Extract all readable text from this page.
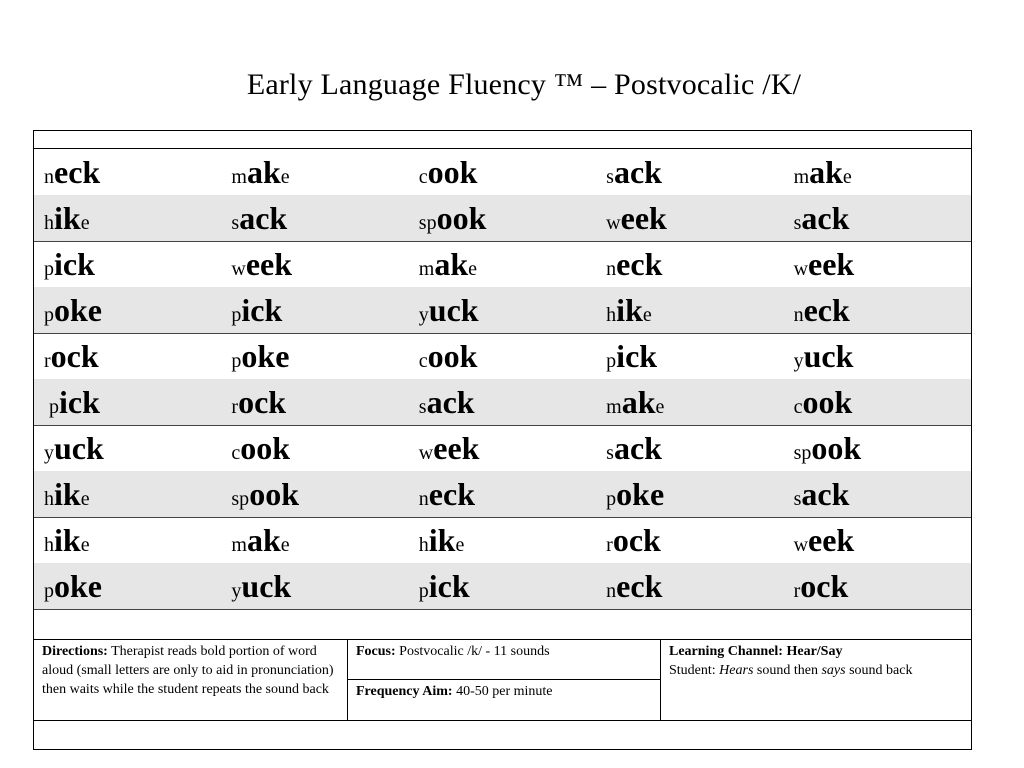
Early Language Fluency ™ – Postvocalic /K/
neck	make	cook	sack	make
hike	sack	spook	week	sack
pick	week	make	neck	week
poke	pick	yuck	hike	neck
rock	poke	cook	pick	yuck
pick	rock	sack	make	cook
yuck	cook	week	sack	spook
hike	spook	neck	poke	sack
hike	make	hike	rock	week
poke	yuck	pick	neck	rock
Directions: Therapist reads bold portion of word aloud (small letters are only to aid in pronunciation) then waits while the student repeats the sound back
Focus: Postvocalic /k/ - 11 sounds
Frequency Aim: 40-50 per minute
Learning Channel: Hear/Say
Student: Hears sound then says sound back
